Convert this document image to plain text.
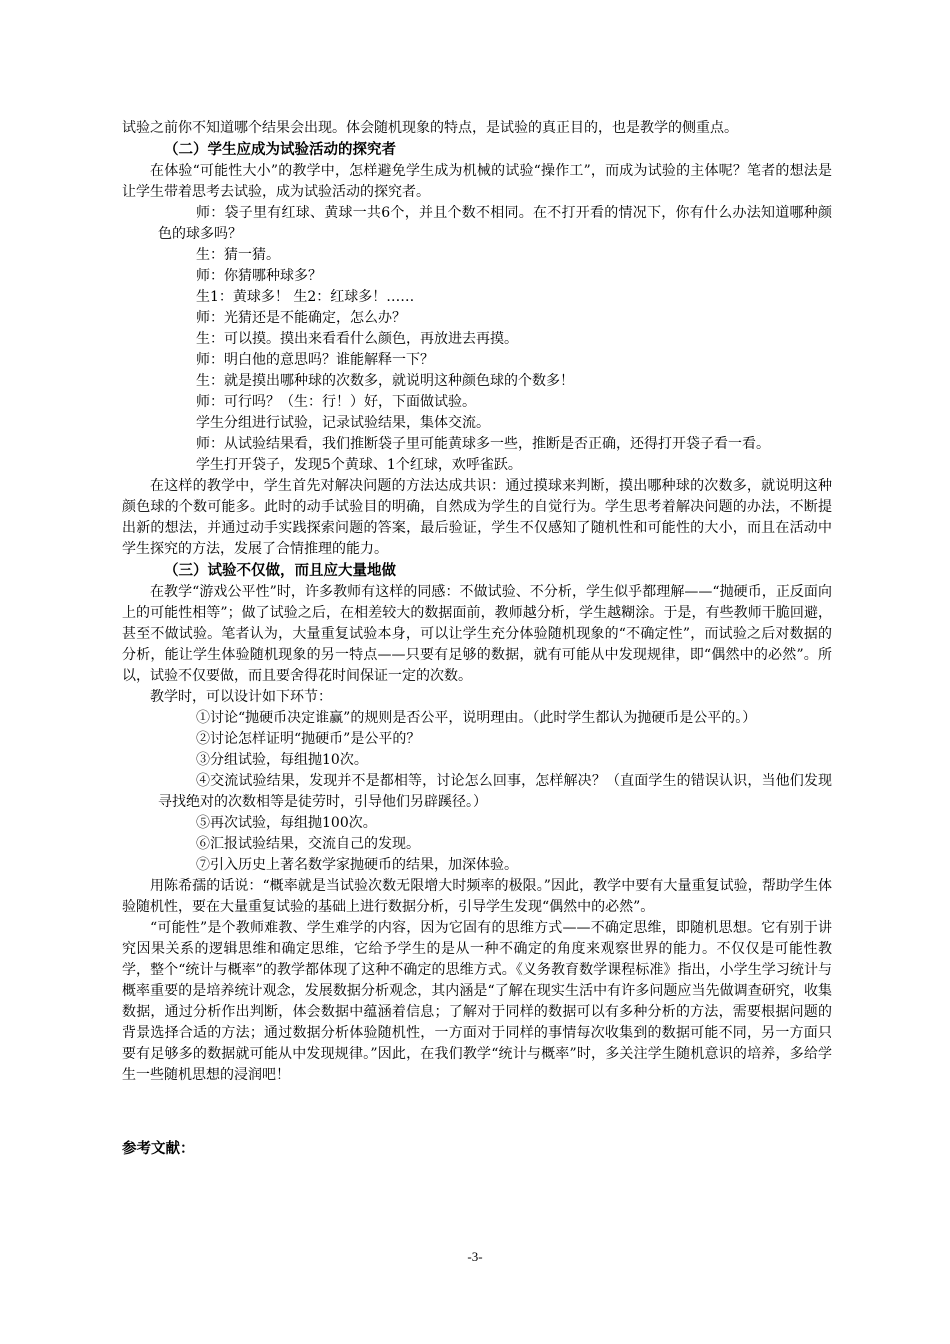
试验之前你不知道哪个结果会出现。体会随机现象的特点，是试验的真正目的，也是教学的侧重点。

（二）学生应成为试验活动的探究者

在体验“可能性大小”的教学中，怎样避免学生成为机械的试验“操作工”，而成为试验的主体呢？笔者的想法是让学生带着思考去试验，成为试验活动的探究者。

师：袋子里有红球、黄球一共6个，并且个数不相同。在不打开看的情况下，你有什么办法知道哪种颜色的球多吗？

生：猜一猜。

师：你猜哪种球多？

生1：黄球多！ 生2：红球多！……

师：光猜还是不能确定，怎么办？

生：可以摸。摸出来看看什么颜色，再放进去再摸。

师：明白他的意思吗？谁能解释一下？

生：就是摸出哪种球的次数多，就说明这种颜色球的个数多！

师：可行吗？（生：行！）好，下面做试验。

学生分组进行试验，记录试验结果，集体交流。

师：从试验结果看，我们推断袋子里可能黄球多一些，推断是否正确，还得打开袋子看一看。

学生打开袋子，发现5个黄球、1个红球，欢呼雀跃。

在这样的教学中，学生首先对解决问题的方法达成共识：通过摸球来判断，摸出哪种球的次数多，就说明这种颜色球的个数可能多。此时的动手试验目的明确，自然成为学生的自觉行为。学生思考着解决问题的办法，不断提出新的想法，并通过动手实践探索问题的答案，最后验证，学生不仅感知了随机性和可能性的大小，而且在活动中学生探究的方法，发展了合情推理的能力。

（三）试验不仅做，而且应大量地做

在教学“游戏公平性”时，许多教师有这样的同感：不做试验、不分析，学生似乎都理解——“抛硬币，正反面向上的可能性相等”；做了试验之后，在相差较大的数据面前，教师越分析，学生越糊涂。于是，有些教师干脆回避，甚至不做试验。笔者认为，大量重复试验本身，可以让学生充分体验随机现象的“不确定性”，而试验之后对数据的分析，能让学生体验随机现象的另一特点——只要有足够的数据，就有可能从中发现规律，即“偶然中的必然”。所以，试验不仅要做，而且要舍得花时间保证一定的次数。

教学时，可以设计如下环节：

①讨论“抛硬币决定谁赢”的规则是否公平，说明理由。（此时学生都认为抛硬币是公平的。）

②讨论怎样证明“抛硬币”是公平的？

③分组试验，每组抛10次。

④交流试验结果，发现并不是都相等，讨论怎么回事，怎样解决？（直面学生的错误认识，当他们发现寻找绝对的次数相等是徒劳时，引导他们另辟蹊径。）

⑤再次试验，每组抛100次。

⑥汇报试验结果，交流自己的发现。

⑦引入历史上著名数学家抛硬币的结果，加深体验。

用陈希孺的话说：“概率就是当试验次数无限增大时频率的极限。”因此，教学中要有大量重复试验，帮助学生体验随机性，要在大量重复试验的基础上进行数据分析，引导学生发现“偶然中的必然”。

“可能性”是个教师难教、学生难学的内容，因为它固有的思维方式——不确定思维，即随机思想。它有别于讲究因果关系的逻辑思维和确定思维，它给予学生的是从一种不确定的角度来观察世界的能力。不仅仅是可能性教学，整个“统计与概率”的教学都体现了这种不确定的思维方式。《义务教育数学课程标准》指出，小学生学习统计与概率重要的是培养统计观念，发展数据分析观念，其内涵是“了解在现实生活中有许多问题应当先做调查研究，收集数据，通过分析作出判断，体会数据中蕴涵着信息；了解对于同样的数据可以有多种分析的方法，需要根据问题的背景选择合适的方法；通过数据分析体验随机性，一方面对于同样的事情每次收集到的数据可能不同，另一方面只要有足够多的数据就可能从中发现规律。”因此，在我们教学“统计与概率”时，多关注学生随机意识的培养，多给学生一些随机思想的浸润吧！

参考文献：

-3-
